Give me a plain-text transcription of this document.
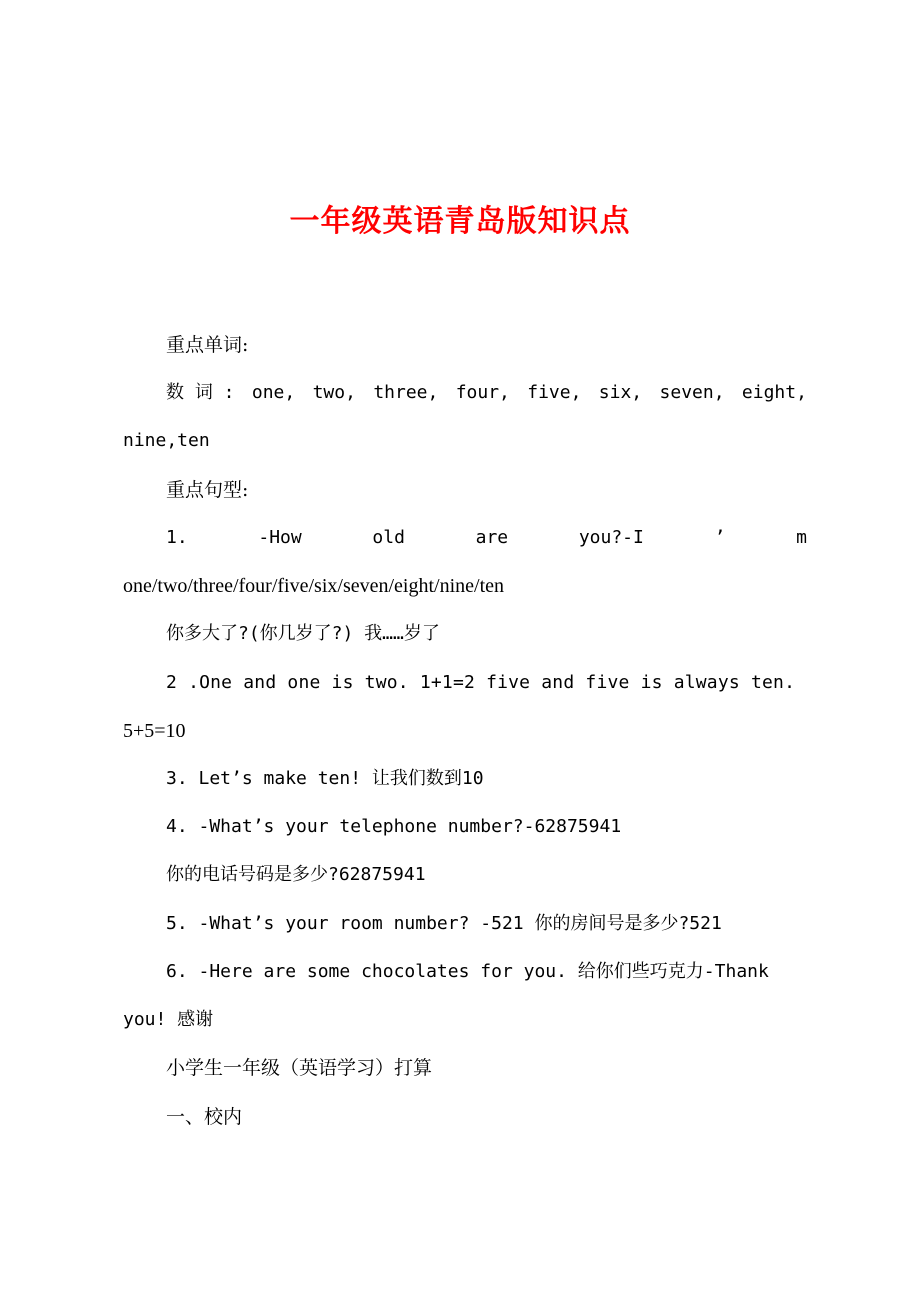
一年级英语青岛版知识点

重点单词:

数 词 : one, two, three, four, five, six, seven, eight,

nine,ten

重点句型:

1.	-How	old	are	you?-I	’	m

one/two/three/four/five/six/seven/eight/nine/ten

你多大了?(你几岁了?) 我……岁了

2 .One and one is two. 1+1=2 five and five is always ten.

5+5=10

3. Let’s make ten! 让我们数到10

4. -What’s your telephone number?-62875941

你的电话号码是多少?62875941

5. -What’s your room number? -521 你的房间号是多少?521

6. -Here are some chocolates for you. 给你们些巧克力-Thank

you! 感谢

小学生一年级（英语学习）打算

一、校内
